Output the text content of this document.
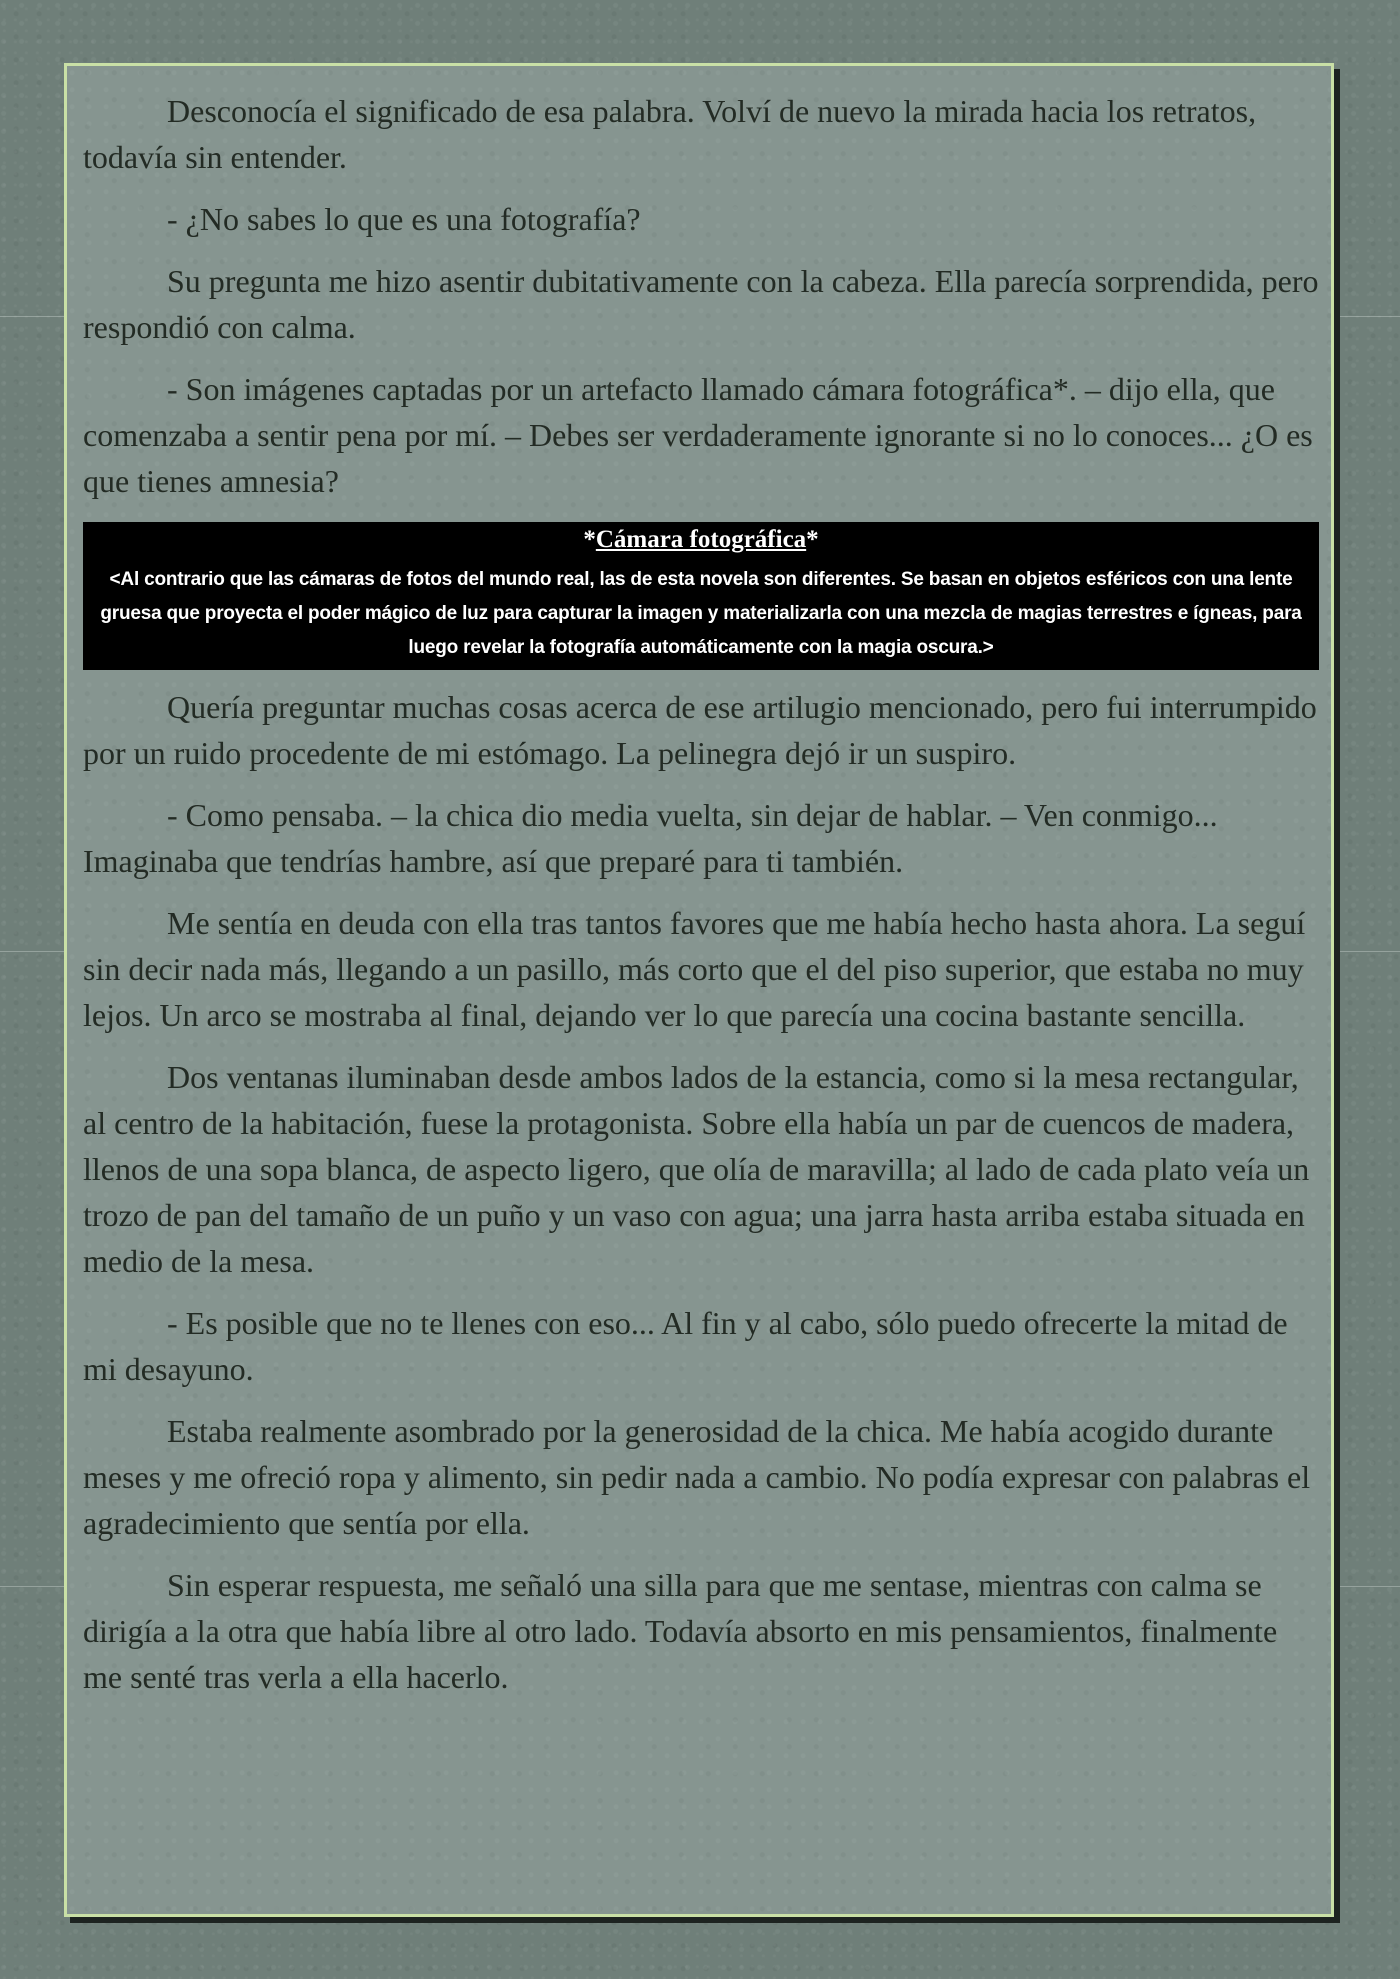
Desconocía el significado de esa palabra. Volví de nuevo la mirada hacia los retratos, todavía sin entender.

- ¿No sabes lo que es una fotografía?

Su pregunta me hizo asentir dubitativamente con la cabeza. Ella parecía sorprendida, pero respondió con calma.

- Son imágenes captadas por un artefacto llamado cámara fotográfica*. – dijo ella, que comenzaba a sentir pena por mí. – Debes ser verdaderamente ignorante si no lo conoces... ¿O es que tienes amnesia?

*Cámara fotográfica*

<Al contrario que las cámaras de fotos del mundo real, las de esta novela son diferentes. Se basan en objetos esféricos con una lente gruesa que proyecta el poder mágico de luz para capturar la imagen y materializarla con una mezcla de magias terrestres e ígneas, para luego revelar la fotografía automáticamente con la magia oscura.>

Quería preguntar muchas cosas acerca de ese artilugio mencionado, pero fui interrumpido por un ruido procedente de mi estómago. La pelinegra dejó ir un suspiro.

- Como pensaba. – la chica dio media vuelta, sin dejar de hablar. – Ven conmigo... Imaginaba que tendrías hambre, así que preparé para ti también.

Me sentía en deuda con ella tras tantos favores que me había hecho hasta ahora. La seguí sin decir nada más, llegando a un pasillo, más corto que el del piso superior, que estaba no muy lejos. Un arco se mostraba al final, dejando ver lo que parecía una cocina bastante sencilla.

Dos ventanas iluminaban desde ambos lados de la estancia, como si la mesa rectangular, al centro de la habitación, fuese la protagonista. Sobre ella había un par de cuencos de madera, llenos de una sopa blanca, de aspecto ligero, que olía de maravilla; al lado de cada plato veía un trozo de pan del tamaño de un puño y un vaso con agua; una jarra hasta arriba estaba situada en medio de la mesa.

- Es posible que no te llenes con eso... Al fin y al cabo, sólo puedo ofrecerte la mitad de mi desayuno.

Estaba realmente asombrado por la generosidad de la chica. Me había acogido durante meses y me ofreció ropa y alimento, sin pedir nada a cambio. No podía expresar con palabras el agradecimiento que sentía por ella.

Sin esperar respuesta, me señaló una silla para que me sentase, mientras con calma se dirigía a la otra que había libre al otro lado. Todavía absorto en mis pensamientos, finalmente me senté tras verla a ella hacerlo.
